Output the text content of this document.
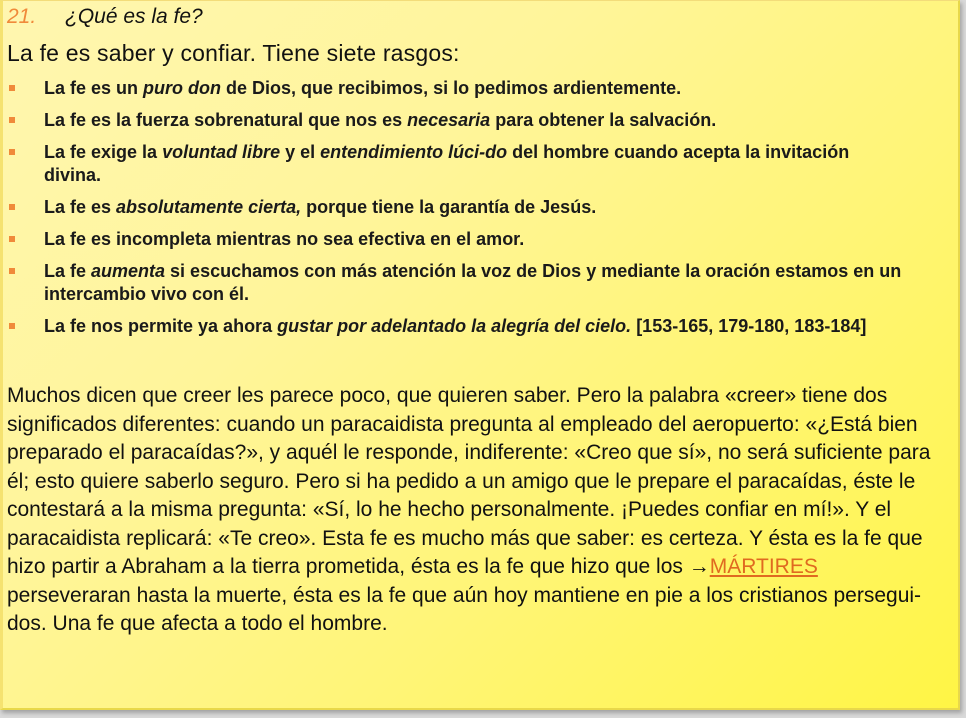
21.	¿Qué es la fe?
La fe es saber y confiar. Tiene siete rasgos:
La fe es un puro don de Dios, que recibimos, si lo pedimos ardientemente.
La fe es la fuerza sobrenatural que nos es necesaria para obtener la salvación.
La fe exige la voluntad libre y el entendimiento lúci-do del hombre cuando acepta la invitación divina.
La fe es absolutamente cierta, porque tiene la garantía de Jesús.
La fe es incompleta mientras no sea efectiva en el amor.
La fe aumenta si escuchamos con más atención la voz de Dios y mediante la oración estamos en un intercambio vivo con él.
La fe nos permite ya ahora gustar por adelantado la alegría del cielo. [153-165, 179-180, 183-184]
Muchos dicen que creer les parece poco, que quieren saber. Pero la palabra «creer» tiene dos significados diferentes: cuando un paracaidista pregunta al empleado del aeropuerto: «¿Está bien preparado el paracaídas?», y aquél le responde, indiferente: «Creo que sí», no será suficiente para él; esto quiere saberlo seguro. Pero si ha pedido a un amigo que le prepare el paracaídas, éste le contestará a la misma pregunta: «Sí, lo he hecho personalmente. ¡Puedes confiar en mí!». Y el paracaidista replicará: «Te creo». Esta fe es mucho más que saber: es certeza. Y ésta es la fe que hizo partir a Abraham a la tierra prometida, ésta es la fe que hizo que los →MÁRTIRES perseveraran hasta la muerte, ésta es la fe que aún hoy mantiene en pie a los cristianos persegui-dos. Una fe que afecta a todo el hombre.
